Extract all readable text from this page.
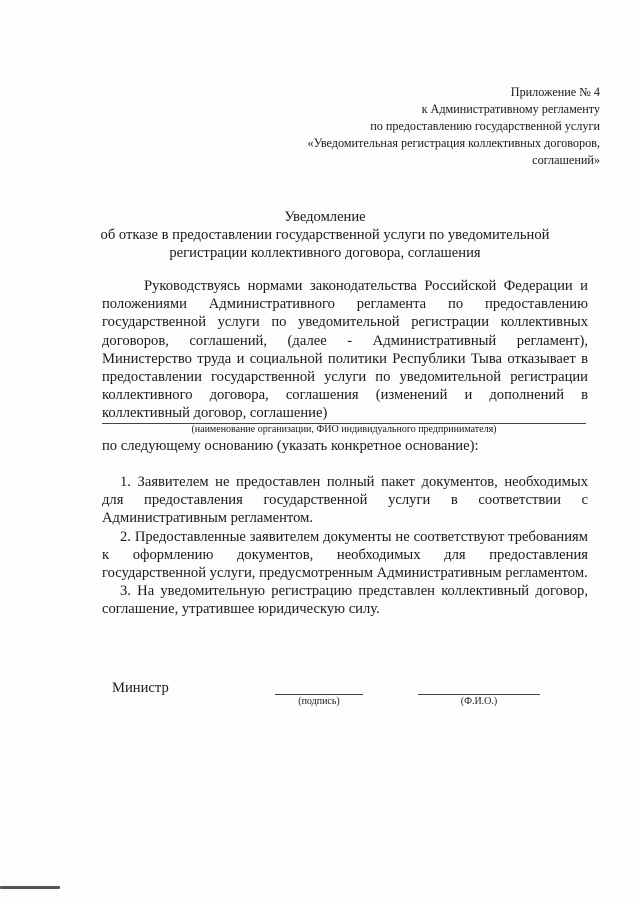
Приложение № 4
к Административному регламенту
по предоставлению государственной услуги
«Уведомительная регистрация коллективных договоров,
соглашений»
Уведомление
об отказе в предоставлении государственной услуги по уведомительной
регистрации коллективного договора, соглашения
Руководствуясь нормами законодательства Российской Федерации и положениями Административного регламента по предоставлению государственной услуги по уведомительной регистрации коллективных договоров, соглашений, (далее - Административный регламент), Министерство труда и социальной политики Республики Тыва отказывает в предоставлении государственной услуги по уведомительной регистрации коллективного договора, соглашения (изменений и дополнений в коллективный договор, соглашение)
(наименование организации, ФИО индивидуального предпринимателя)
по следующему основанию (указать конкретное основание):

1. Заявителем не предоставлен полный пакет документов, необходимых для предоставления государственной услуги в соответствии с Административным регламентом.

2. Предоставленные заявителем документы не соответствуют требованиям к оформлению документов, необходимых для предоставления государственной услуги, предусмотренным Административным регламентом.

3. На уведомительную регистрацию представлен коллективный договор, соглашение, утратившее юридическую силу.

Министр
(подпись)	(Ф.И.О.)
